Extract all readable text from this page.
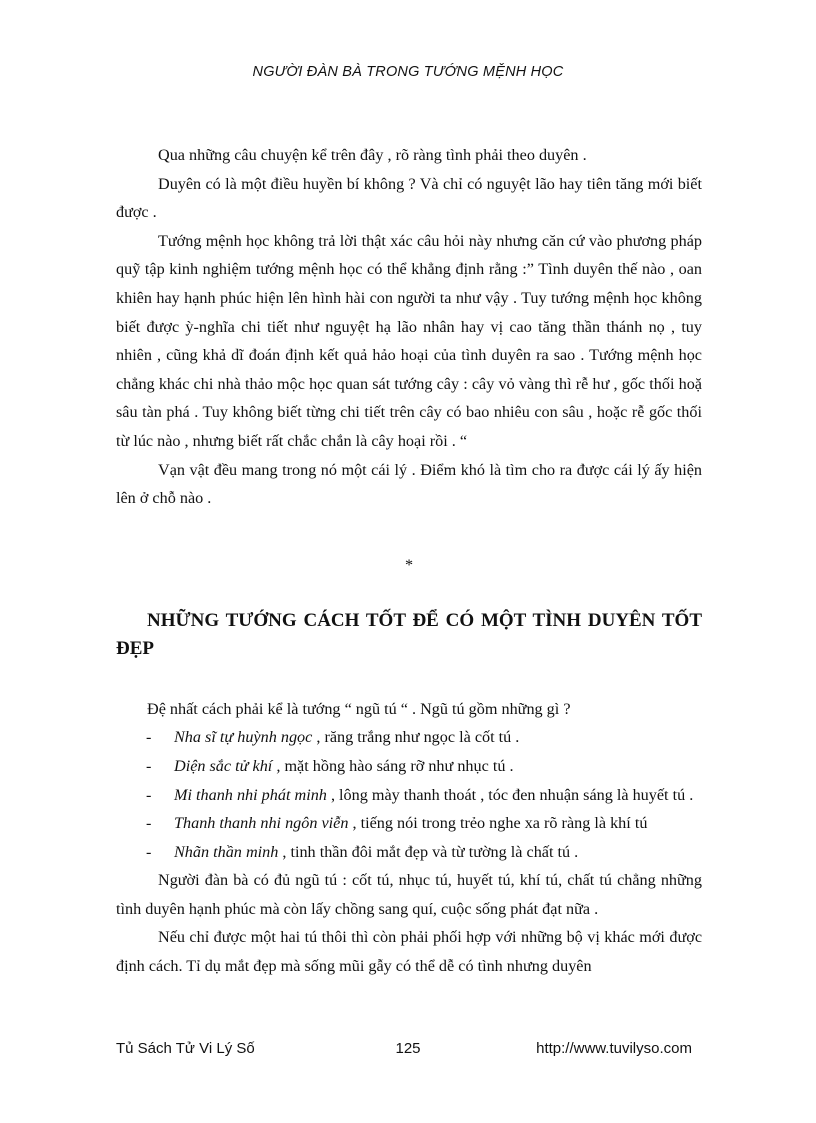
NGƯỜI ĐÀN BÀ TRONG TƯỚNG MỆNH HỌC

Qua những câu chuyện kể trên đây , rõ ràng tình phải theo duyên .

Duyên có là một điều huyền bí không ? Và chỉ có nguyệt lão hay tiên tăng mới biết được .

Tướng mệnh học không trả lời thật xác câu hỏi này nhưng căn cứ vào phương pháp quỹ tập kinh nghiệm tướng mệnh học có thể khẳng định rằng :” Tình duyên thế nào , oan khiên hay hạnh phúc hiện lên hình hài con người ta như vậy . Tuy tướng mệnh học không biết được ỳ-nghĩa chi tiết như nguyệt hạ lão nhân hay vị cao tăng thần thánh nọ , tuy nhiên , cũng khả dĩ đoán định kết quả hảo hoại của tình duyên ra sao . Tướng mệnh học chẳng khác chi nhà thảo mộc học quan sát tướng cây : cây vỏ vàng thì rễ hư , gốc thối hoặ sâu tàn phá . Tuy không biết từng chi tiết trên cây có bao nhiêu con sâu , hoặc rễ gốc thối từ lúc nào , nhưng biết rất chắc chắn là cây hoại rồi . “

Vạn vật đều mang trong nó một cái lý . Điểm khó là tìm cho ra được cái lý ấy hiện lên ở chỗ nào .

*
NHỮNG TƯỚNG CÁCH TỐT ĐỂ CÓ MỘT TÌNH DUYÊN TỐT ĐẸP

Đệ nhất cách phải kể là tướng “ ngũ tú “ . Ngũ tú gồm những gì ?

- Nha sĩ tự huỳnh ngọc , răng trắng như ngọc là cốt tú .
- Diện sắc tử khí , mặt hồng hào sáng rỡ như nhục tú .
- Mi thanh nhi phát minh , lông mày thanh thoát , tóc đen nhuận sáng là huyết tú .
- Thanh thanh nhi ngôn viễn , tiếng nói trong trẻo nghe xa rõ ràng là khí tú
- Nhãn thần minh , tinh thần đôi mắt đẹp và từ tường là chất tú .

Người đàn bà có đủ ngũ tú : cốt tú, nhục tú, huyết tú, khí tú, chất tú chẳng những tình duyên hạnh phúc mà còn lấy chồng sang quí, cuộc sống phát đạt nữa .

Nếu chỉ được một hai tú thôi thì còn phải phối hợp với những bộ vị khác mới được định cách. Tỉ dụ mắt đẹp mà sống mũi gẫy có thể dễ có tình nhưng duyên

Tủ Sách Tử Vi Lý Số	125	http://www.tuvilyso.com
